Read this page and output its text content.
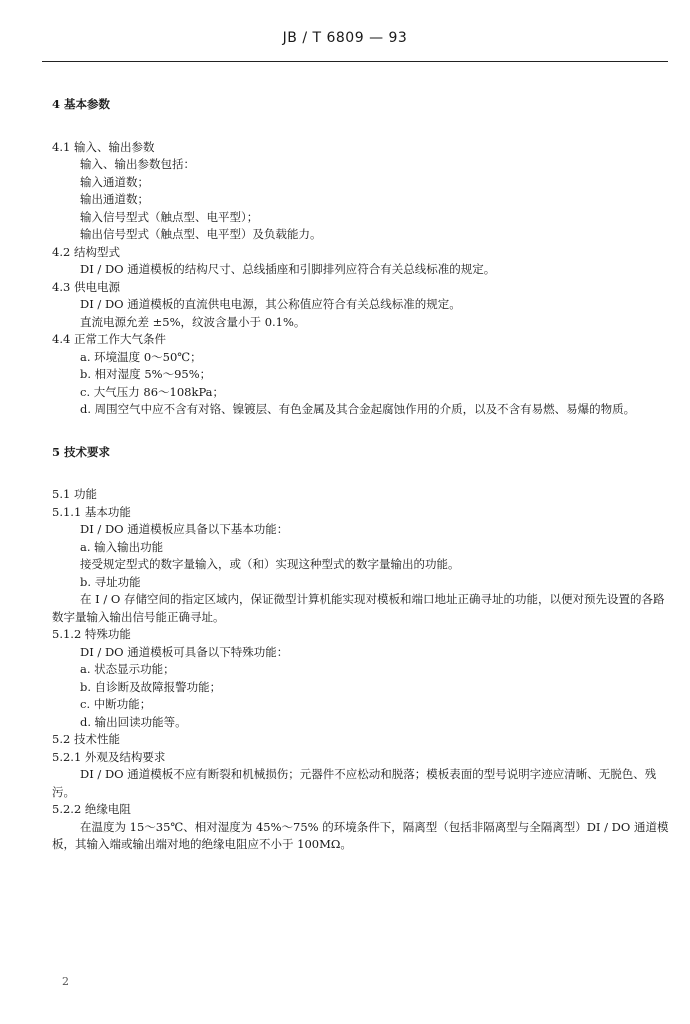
JB / T 6809 — 93

4 基本参数

4.1 输入、输出参数

输入、输出参数包括：

输入通道数；

输出通道数；

输入信号型式（触点型、电平型）；

输出信号型式（触点型、电平型）及负载能力。

4.2 结构型式

DI / DO 通道模板的结构尺寸、总线插座和引脚排列应符合有关总线标准的规定。

4.3 供电电源

DI / DO 通道模板的直流供电电源，其公称值应符合有关总线标准的规定。

直流电源允差 ±5%，纹波含量小于 0.1%。

4.4 正常工作大气条件

a. 环境温度 0～50℃；

b. 相对湿度 5%～95%；

c. 大气压力 86～108kPa；

d. 周围空气中应不含有对铬、镍镀层、有色金属及其合金起腐蚀作用的介质，以及不含有易燃、易爆的物质。

5 技术要求

5.1 功能

5.1.1 基本功能

DI / DO 通道模板应具备以下基本功能：

a. 输入输出功能

接受规定型式的数字量输入，或（和）实现这种型式的数字量输出的功能。

b. 寻址功能

在 I / O 存储空间的指定区域内，保证微型计算机能实现对模板和端口地址正确寻址的功能，以便对预先设置的各路数字量输入输出信号能正确寻址。

5.1.2 特殊功能

DI / DO 通道模板可具备以下特殊功能：

a. 状态显示功能；

b. 自诊断及故障报警功能；

c. 中断功能；

d. 输出回读功能等。

5.2 技术性能

5.2.1 外观及结构要求

DI / DO 通道模板不应有断裂和机械损伤；元器件不应松动和脱落；模板表面的型号说明字迹应清晰、无脱色、残污。

5.2.2 绝缘电阻

在温度为 15～35℃、相对湿度为 45%～75% 的环境条件下，隔离型（包括非隔离型与全隔离型）DI / DO 通道模板，其输入端或输出端对地的绝缘电阻应不小于 100MΩ。

2
